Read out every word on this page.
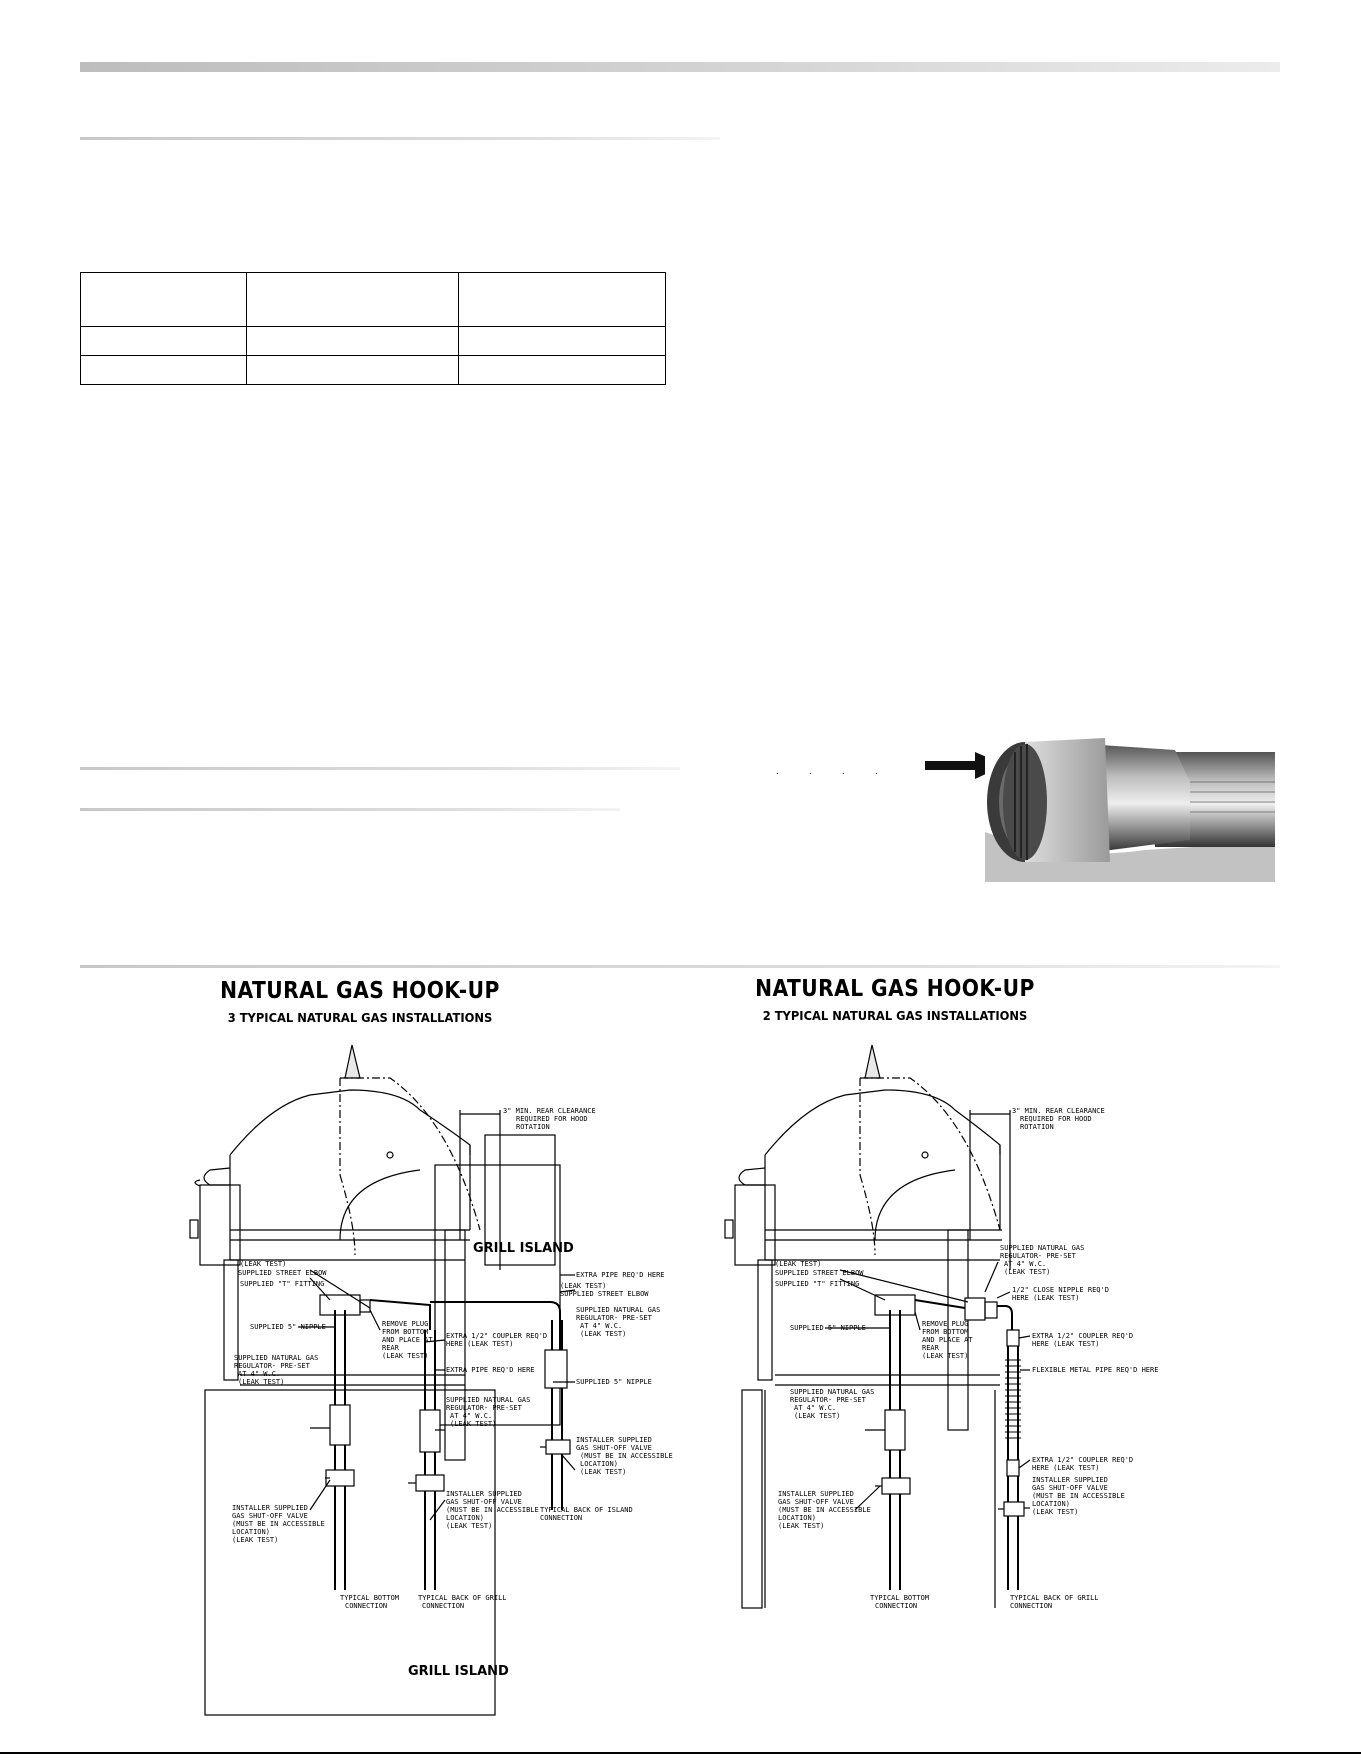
. . . .
NATURAL GAS HOOK-UP
3 TYPICAL NATURAL GAS INSTALLATIONS
GRILL ISLAND
GRILL ISLAND
3" MIN. REAR CLEARANCE
REQUIRED FOR HOOD
ROTATION
(LEAK TEST)
SUPPLIED STREET ELBOW
SUPPLIED "T" FITTING
REMOVE PLUG
FROM BOTTOM
AND PLACE AT
REAR
(LEAK TEST)
SUPPLIED 5" NIPPLE
SUPPLIED NATURAL GAS
REGULATOR- PRE-SET
AT 4" W.C.
(LEAK TEST)
INSTALLER SUPPLIED
GAS SHUT-OFF VALVE
(MUST BE IN ACCESSIBLE
LOCATION)
(LEAK TEST)
TYPICAL BOTTOM
CONNECTION
EXTRA 1/2" COUPLER REQ'D
HERE (LEAK TEST)
EXTRA PIPE REQ'D HERE
SUPPLIED NATURAL GAS
REGULATOR- PRE-SET
AT 4" W.C.
(LEAK TEST)
INSTALLER SUPPLIED
GAS SHUT-OFF VALVE
(MUST BE IN ACCESSIBLE
LOCATION)
(LEAK TEST)
TYPICAL BACK OF GRILL
CONNECTION
EXTRA PIPE REQ'D HERE
(LEAK TEST)
SUPPLIED STREET ELBOW
SUPPLIED NATURAL GAS
REGULATOR- PRE-SET
AT 4" W.C.
(LEAK TEST)
SUPPLIED 5" NIPPLE
INSTALLER SUPPLIED
GAS SHUT-OFF VALVE
(MUST BE IN ACCESSIBLE
LOCATION)
(LEAK TEST)
TYPICAL BACK OF ISLAND
CONNECTION
NATURAL GAS HOOK-UP
2 TYPICAL NATURAL GAS INSTALLATIONS
3" MIN. REAR CLEARANCE
REQUIRED FOR HOOD
ROTATION
(LEAK TEST)
SUPPLIED STREET ELBOW
SUPPLIED "T" FITTING
SUPPLIED NATURAL GAS
REGULATOR- PRE-SET
AT 4" W.C.
(LEAK TEST)
1/2" CLOSE NIPPLE REQ'D
HERE (LEAK TEST)
REMOVE PLUG
FROM BOTTOM
AND PLACE AT
REAR
(LEAK TEST)
SUPPLIED 5" NIPPLE
EXTRA 1/2" COUPLER REQ'D
HERE (LEAK TEST)
FLEXIBLE METAL PIPE REQ'D HERE
SUPPLIED NATURAL GAS
REGULATOR- PRE-SET
AT 4" W.C.
(LEAK TEST)
EXTRA 1/2" COUPLER REQ'D
HERE (LEAK TEST)
INSTALLER SUPPLIED
GAS SHUT-OFF VALVE
(MUST BE IN ACCESSIBLE
LOCATION)
(LEAK TEST)
INSTALLER SUPPLIED
GAS SHUT-OFF VALVE
(MUST BE IN ACCESSIBLE
LOCATION)
(LEAK TEST)
TYPICAL BOTTOM
CONNECTION
TYPICAL BACK OF GRILL
CONNECTION
